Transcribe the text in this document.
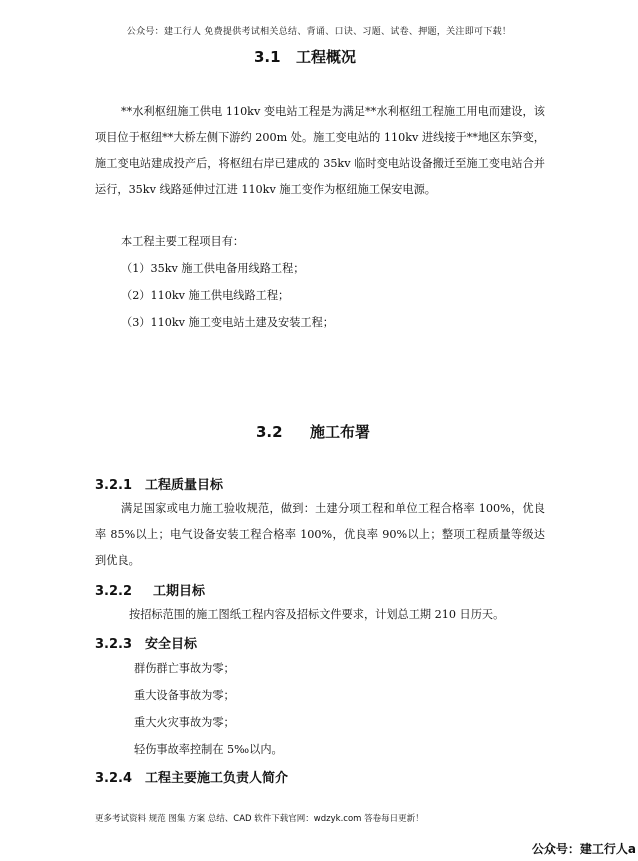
公众号：建工行人 免费提供考试相关总结、背诵、口诀、习题、试卷、押题，关注即可下载！
3.1 工程概况
**水利枢纽施工供电 110kv 变电站工程是为满足**水利枢纽工程施工用电而建设，该项目位于枢纽**大桥左侧下游约 200m 处。施工变电站的 110kv 进线接于**地区东笋变，施工变电站建成投产后，将枢纽右岸已建成的 35kv 临时变电站设备搬迁至施工变电站合并运行，35kv 线路延伸过江进 110kv 施工变作为枢纽施工保安电源。
本工程主要工程项目有：
（1）35kv 施工供电备用线路工程；
（2）110kv 施工供电线路工程；
（3）110kv 施工变电站土建及安装工程；
3.2 施工布署
3.2.1 工程质量目标
满足国家或电力施工验收规范，做到：土建分项工程和单位工程合格率 100%，优良率 85%以上；电气设备安装工程合格率 100%，优良率 90%以上；整项工程质量等级达到优良。
3.2.2 工期目标
按招标范围的施工图纸工程内容及招标文件要求，计划总工期 210 日历天。
3.2.3 安全目标
群伤群亡事故为零；
重大设备事故为零；
重大火灾事故为零；
轻伤事故率控制在 5‰以内。
3.2.4 工程主要施工负责人简介
更多考试资料 规范 图集 方案 总结、CAD 软件下载官网：wdzyk.com 答卷每日更新！
公众号：建工行人a
